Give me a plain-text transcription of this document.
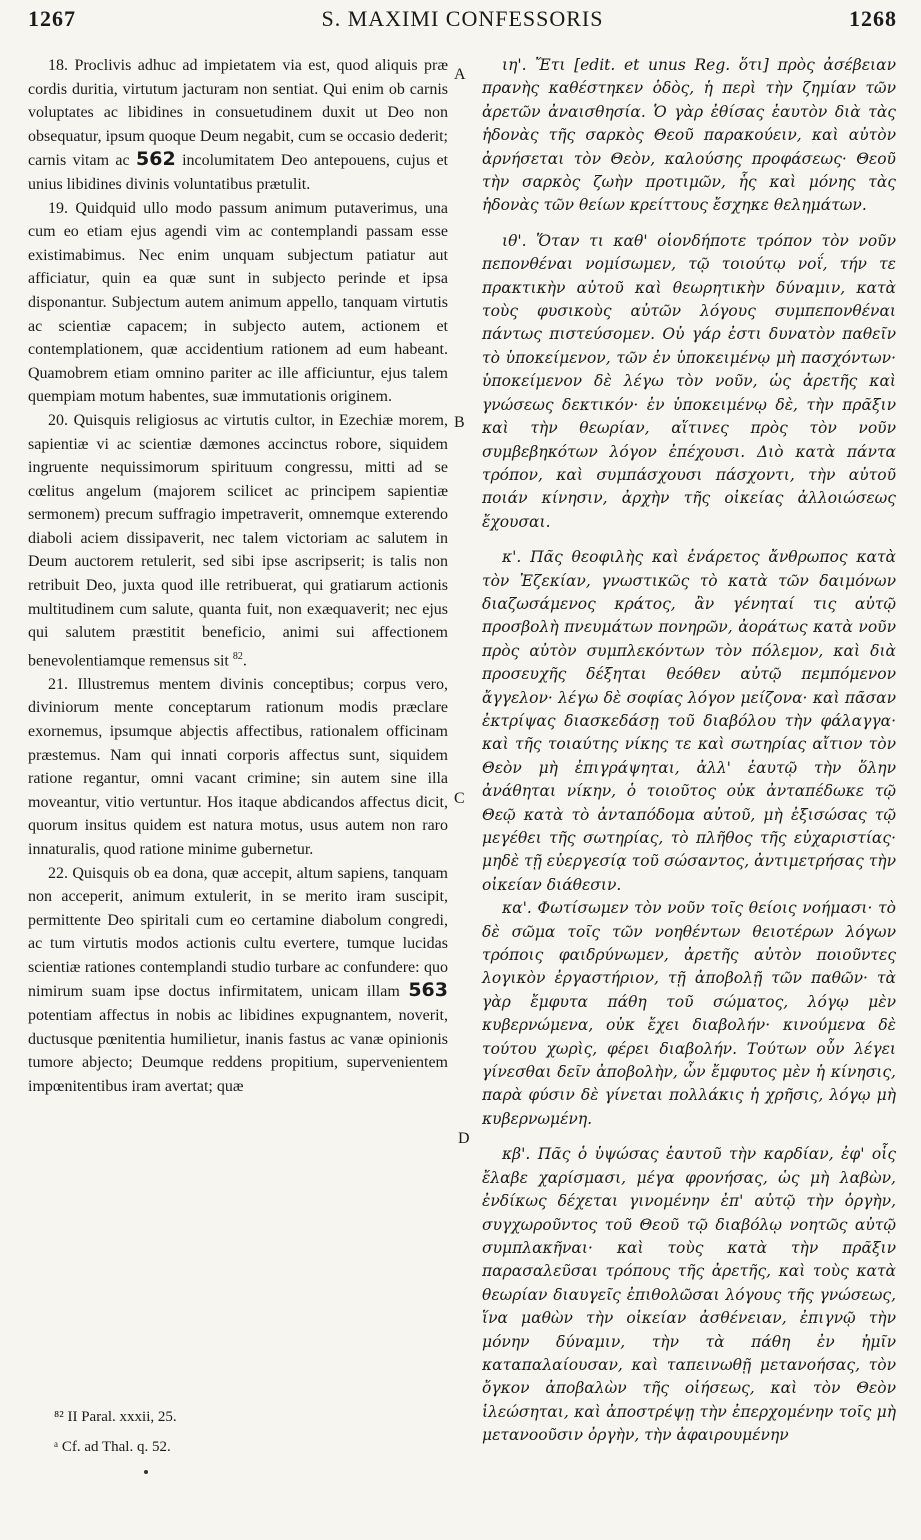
1267	S. MAXIMI CONFESSORIS	1268

18. Proclivis adhuc ad impietatem via est, quod aliquis præ cordis duritia, virtutum jacturam non sentiat. Qui enim ob carnis voluptates ac libidines in consuetudinem duxit ut Deo non obsequatur, ipsum quoque Deum negabit, cum se occasio dederit; carnis vitam ac 562 incolumitatem Deo antepouens, cujus et unius libidines divinis voluntatibus prætulit.

19. Quidquid ullo modo passum animum putaverimus, una cum eo etiam ejus agendi vim ac contemplandi passam esse existimabimus. Nec enim unquam subjectum patiatur aut afficiatur, quin ea quæ sunt in subjecto perinde et ipsa disponantur. Subjectum autem animum appello, tanquam virtutis ac scientiæ capacem; in subjecto autem, actionem et contemplationem, quæ accidentium rationem ad eum habeant. Quamobrem etiam omnino pariter ac ille afficiuntur, ejus talem quempiam motum habentes, suæ immutationis originem.

20. Quisquis religiosus ac virtutis cultor, in Ezechiæ morem, sapientiæ vi ac scientiæ dæmones accinctus robore, siquidem ingruente nequissimorum spirituum congressu, mitti ad se cœlitus angelum (majorem scilicet ac principem sapientiæ sermonem) precum suffragio impetraverit, omnemque exterendo diaboli aciem dissipaverit, nec talem victoriam ac salutem in Deum auctorem retulerit, sed sibi ipse ascripserit; is talis non retribuit Deo, juxta quod ille retribuerat, qui gratiarum actionis multitudinem cum salute, quanta fuit, non exæquaverit; nec ejus qui salutem præstitit beneficio, animi sui affectionem benevolentiamque remensus sit $^{82}$.

21. Illustremus mentem divinis conceptibus; corpus vero, diviniorum mente conceptarum rationum modis præclare exornemus, ipsumque abjectis affectibus, rationalem officinam præstemus. Nam qui innati corporis affectus sunt, siquidem ratione regantur, omni vacant crimine; sin autem sine illa moveantur, vitio vertuntur. Hos itaque abdicandos affectus dicit, quorum insitus quidem est natura motus, usus autem non raro innaturalis, quod ratione minime gubernetur.

22. Quisquis ob ea dona, quæ accepit, altum sapiens, tanquam non acceperit, animum extulerit, in se merito iram suscipit, permittente Deo spiritali cum eo certamine diabolum congredi, ac tum virtutis modos actionis cultu evertere, tumque lucidas scientiæ rationes contemplandi studio turbare ac confundere: quo nimirum suam ipse doctus infirmitatem, unicam illam 563 potentiam affectus in nobis ac libidines expugnantem, noverit, ductusque pœnitentia humilietur, inanis fastus ac vanæ opinionis tumore abjecto; Deumque reddens propitium, supervenientem impœnitentibus iram avertat; quæ

A
B
C
D

ιη'. Ἔτι [edit. et unus Reg. ὅτι] πρὸς ἀσέβειαν πρανὴς καθέστηκεν ὁδὸς, ἡ περὶ τὴν ζημίαν τῶν ἀρετῶν ἀναισθησία. Ὁ γὰρ ἐθίσας ἑαυτὸν διὰ τὰς ἡδονὰς τῆς σαρκὸς Θεοῦ παρακούειν, καὶ αὐτὸν ἀρνήσεται τὸν Θεὸν, καλούσης προφάσεως· Θεοῦ τὴν σαρκὸς ζωὴν προτιμῶν, ἧς καὶ μόνης τὰς ἡδονὰς τῶν θείων κρείττους ἔσχηκε θελημάτων.

ιθ'. Ὅταν τι καθ' οἱονδήποτε τρόπον τὸν νοῦν πεπονθέναι νομίσωμεν, τῷ τοιούτῳ νοΐ, τήν τε πρακτικὴν αὐτοῦ καὶ θεωρητικὴν δύναμιν, κατὰ τοὺς φυσικοὺς αὐτῶν λόγους συμπεπονθέναι πάντως πιστεύσομεν. Οὐ γάρ ἐστι δυνατὸν παθεῖν τὸ ὑποκείμενον, τῶν ἐν ὑποκειμένῳ μὴ πασχόντων· ὑποκείμενον δὲ λέγω τὸν νοῦν, ὡς ἀρετῆς καὶ γνώσεως δεκτικόν· ἐν ὑποκειμένῳ δὲ, τὴν πρᾶξιν καὶ τὴν θεωρίαν, αἵτινες πρὸς τὸν νοῦν συμβεβηκότων λόγον ἐπέχουσι. Διὸ κατὰ πάντα τρόπον, καὶ συμπάσχουσι πάσχοντι, τὴν αὐτοῦ ποιάν κίνησιν, ἀρχὴν τῆς οἰκείας ἀλλοιώσεως ἔχουσαι.

κ'. Πᾶς θεοφιλὴς καὶ ἐνάρετος ἄνθρωπος κατὰ τὸν Ἐζεκίαν, γνωστικῶς τὸ κατὰ τῶν δαιμόνων διαζωσάμενος κράτος, ἂν γένηταί τις αὐτῷ προσβολὴ πνευμάτων πονηρῶν, ἀοράτως κατὰ νοῦν πρὸς αὐτὸν συμπλεκόντων τὸν πόλεμον, καὶ διὰ προσευχῆς δέξηται θεόθεν αὐτῷ πεμπόμενον ἄγγελον· λέγω δὲ σοφίας λόγον μείζονα· καὶ πᾶσαν ἐκτρίψας διασκεδάσῃ τοῦ διαβόλου τὴν φάλαγγα· καὶ τῆς τοιαύτης νίκης τε καὶ σωτηρίας αἴτιον τὸν Θεὸν μὴ ἐπιγράψηται, ἀλλ' ἑαυτῷ τὴν ὅλην ἀνάθηται νίκην, ὁ τοιοῦτος οὐκ ἀνταπέδωκε τῷ Θεῷ κατὰ τὸ ἀνταπόδομα αὐτοῦ, μὴ ἐξισώσας τῷ μεγέθει τῆς σωτηρίας, τὸ πλῆθος τῆς εὐχαριστίας· μηδὲ τῇ εὐεργεσίᾳ τοῦ σώσαντος, ἀντιμετρήσας τὴν οἰκείαν διάθεσιν.

κα'. Φωτίσωμεν τὸν νοῦν τοῖς θείοις νοήμασι· τὸ δὲ σῶμα τοῖς τῶν νοηθέντων θειοτέρων λόγων τρόποις φαιδρύνωμεν, ἀρετῆς αὐτὸν ποιοῦντες λογικὸν ἐργαστήριον, τῇ ἀποβολῇ τῶν παθῶν· τὰ γὰρ ἔμφυτα πάθη τοῦ σώματος, λόγῳ μὲν κυβερνώμενα, οὐκ ἔχει διαβολήν· κινούμενα δὲ τούτου χωρὶς, φέρει διαβολήν. Τούτων οὖν λέγει γίνεσθαι δεῖν ἀποβολὴν, ὧν ἔμφυτος μὲν ἡ κίνησις, παρὰ φύσιν δὲ γίνεται πολλάκις ἡ χρῆσις, λόγῳ μὴ κυβερνωμένη.

κβ'. Πᾶς ὁ ὑψώσας ἑαυτοῦ τὴν καρδίαν, ἐφ' οἷς ἔλαβε χαρίσμασι, μέγα φρονήσας, ὡς μὴ λαβὼν, ἐνδίκως δέχεται γινομένην ἐπ' αὐτῷ τὴν ὀργὴν, συγχωροῦντος τοῦ Θεοῦ τῷ διαβόλῳ νοητῶς αὐτῷ συμπλακῆναι· καὶ τοὺς κατὰ τὴν πρᾶξιν παρασαλεῦσαι τρόπους τῆς ἀρετῆς, καὶ τοὺς κατὰ θεωρίαν διαυγεῖς ἐπιθολῶσαι λόγους τῆς γνώσεως, ἵνα μαθὼν τὴν οἰκείαν ἀσθένειαν, ἐπιγνῷ τὴν μόνην δύναμιν, τὴν τὰ πάθη ἐν ἡμῖν καταπαλαίουσαν, καὶ ταπεινωθῇ μετανοήσας, τὸν ὄγκον ἀποβαλὼν τῆς οἰήσεως, καὶ τὸν Θεὸν ἱλεώσηται, καὶ ἀποστρέψῃ τὴν ἐπερχομένην τοῖς μὴ μετανοοῦσιν ὀργὴν, τὴν ἀφαιρουμένην

⁸² II Paral. xxxii, 25.
ᵃ Cf. ad Thal. q. 52.
